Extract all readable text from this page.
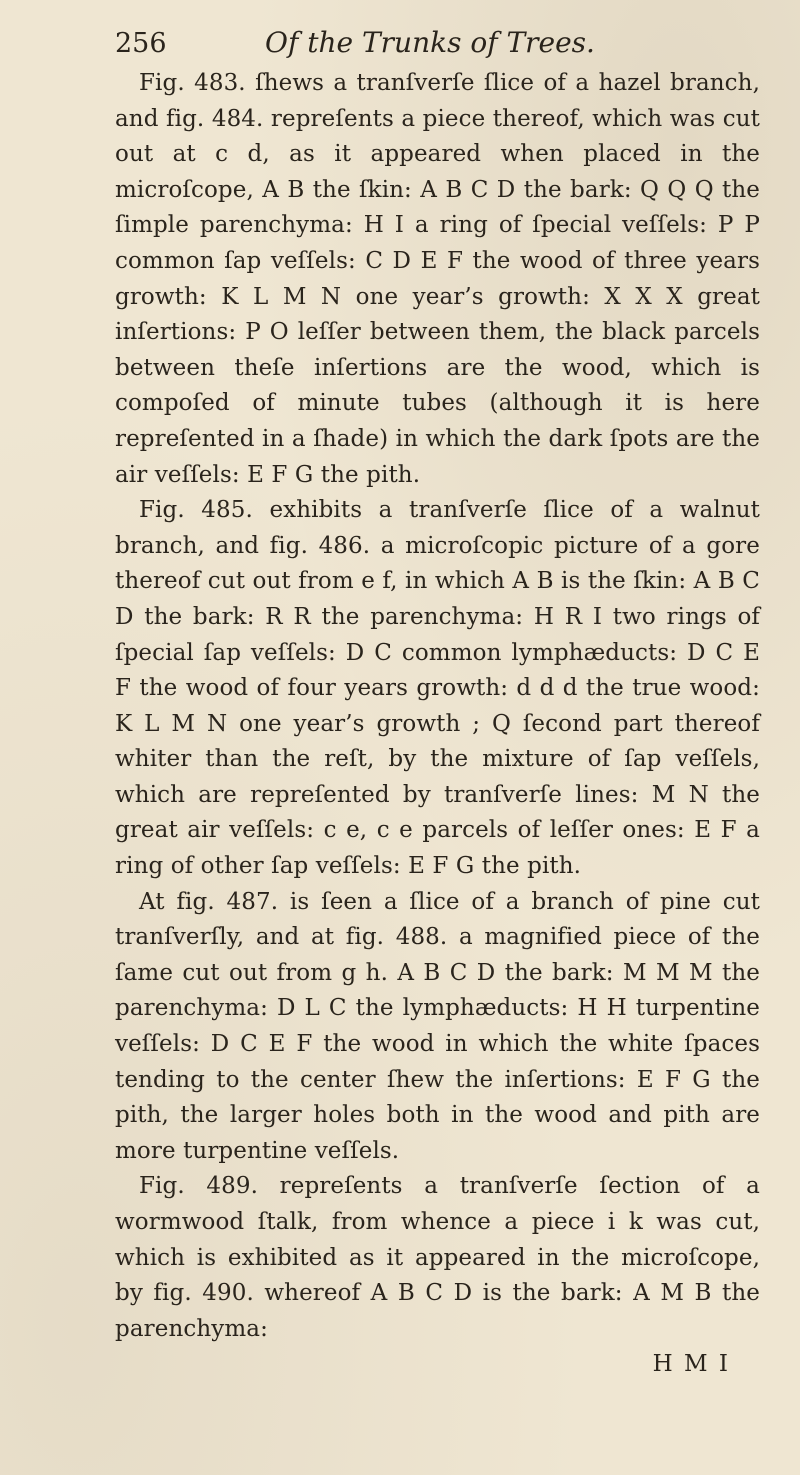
256	Of the Trunks of Trees.

Fig. 483. ſhews a tranſverſe ſlice of a hazel branch, and fig. 484. repreſents a piece thereof, which was cut out at c d, as it appeared when placed in the microſcope, A B the ſkin: A B C D the bark: Q Q Q the ſimple parenchyma: H I a ring of ſpecial veſſels: P P common ſap veſſels: C D E F the wood of three years growth: K L M N one year’s growth: X X X great inſertions: P O leſſer between them, the black parcels between theſe inſertions are the wood, which is compoſed of minute tubes (although it is here repreſented in a ſhade) in which the dark ſpots are the air veſſels: E F G the pith.

Fig. 485. exhibits a tranſverſe ſlice of a walnut branch, and fig. 486. a microſcopic picture of a gore thereof cut out from e f, in which A B is the ſkin: A B C D the bark: R R the parenchyma: H R I two rings of ſpecial ſap veſſels: D C common lymphæducts: D C E F the wood of four years growth: d d d the true wood: K L M N one year’s growth ; Q ſecond part thereof whiter than the reſt, by the mixture of ſap veſſels, which are repreſented by tranſverſe lines: M N the great air veſſels: c e, c e parcels of leſſer ones: E F a ring of other ſap veſſels: E F G the pith.

At fig. 487. is ſeen a ſlice of a branch of pine cut tranſverſly, and at fig. 488. a magnified piece of the ſame cut out from g h. A B C D the bark: M M M the parenchyma: D L C the lymphæducts: H H turpentine veſſels: D C E F the wood in which the white ſpaces tending to the center ſhew the inſertions: E F G the pith, the larger holes both in the wood and pith are more turpentine veſſels.

Fig. 489. repreſents a tranſverſe ſection of a wormwood ſtalk, from whence a piece i k was cut, which is exhibited as it appeared in the microſcope, by fig. 490. whereof A B C D is the bark: A M B the parenchyma:

H M I
